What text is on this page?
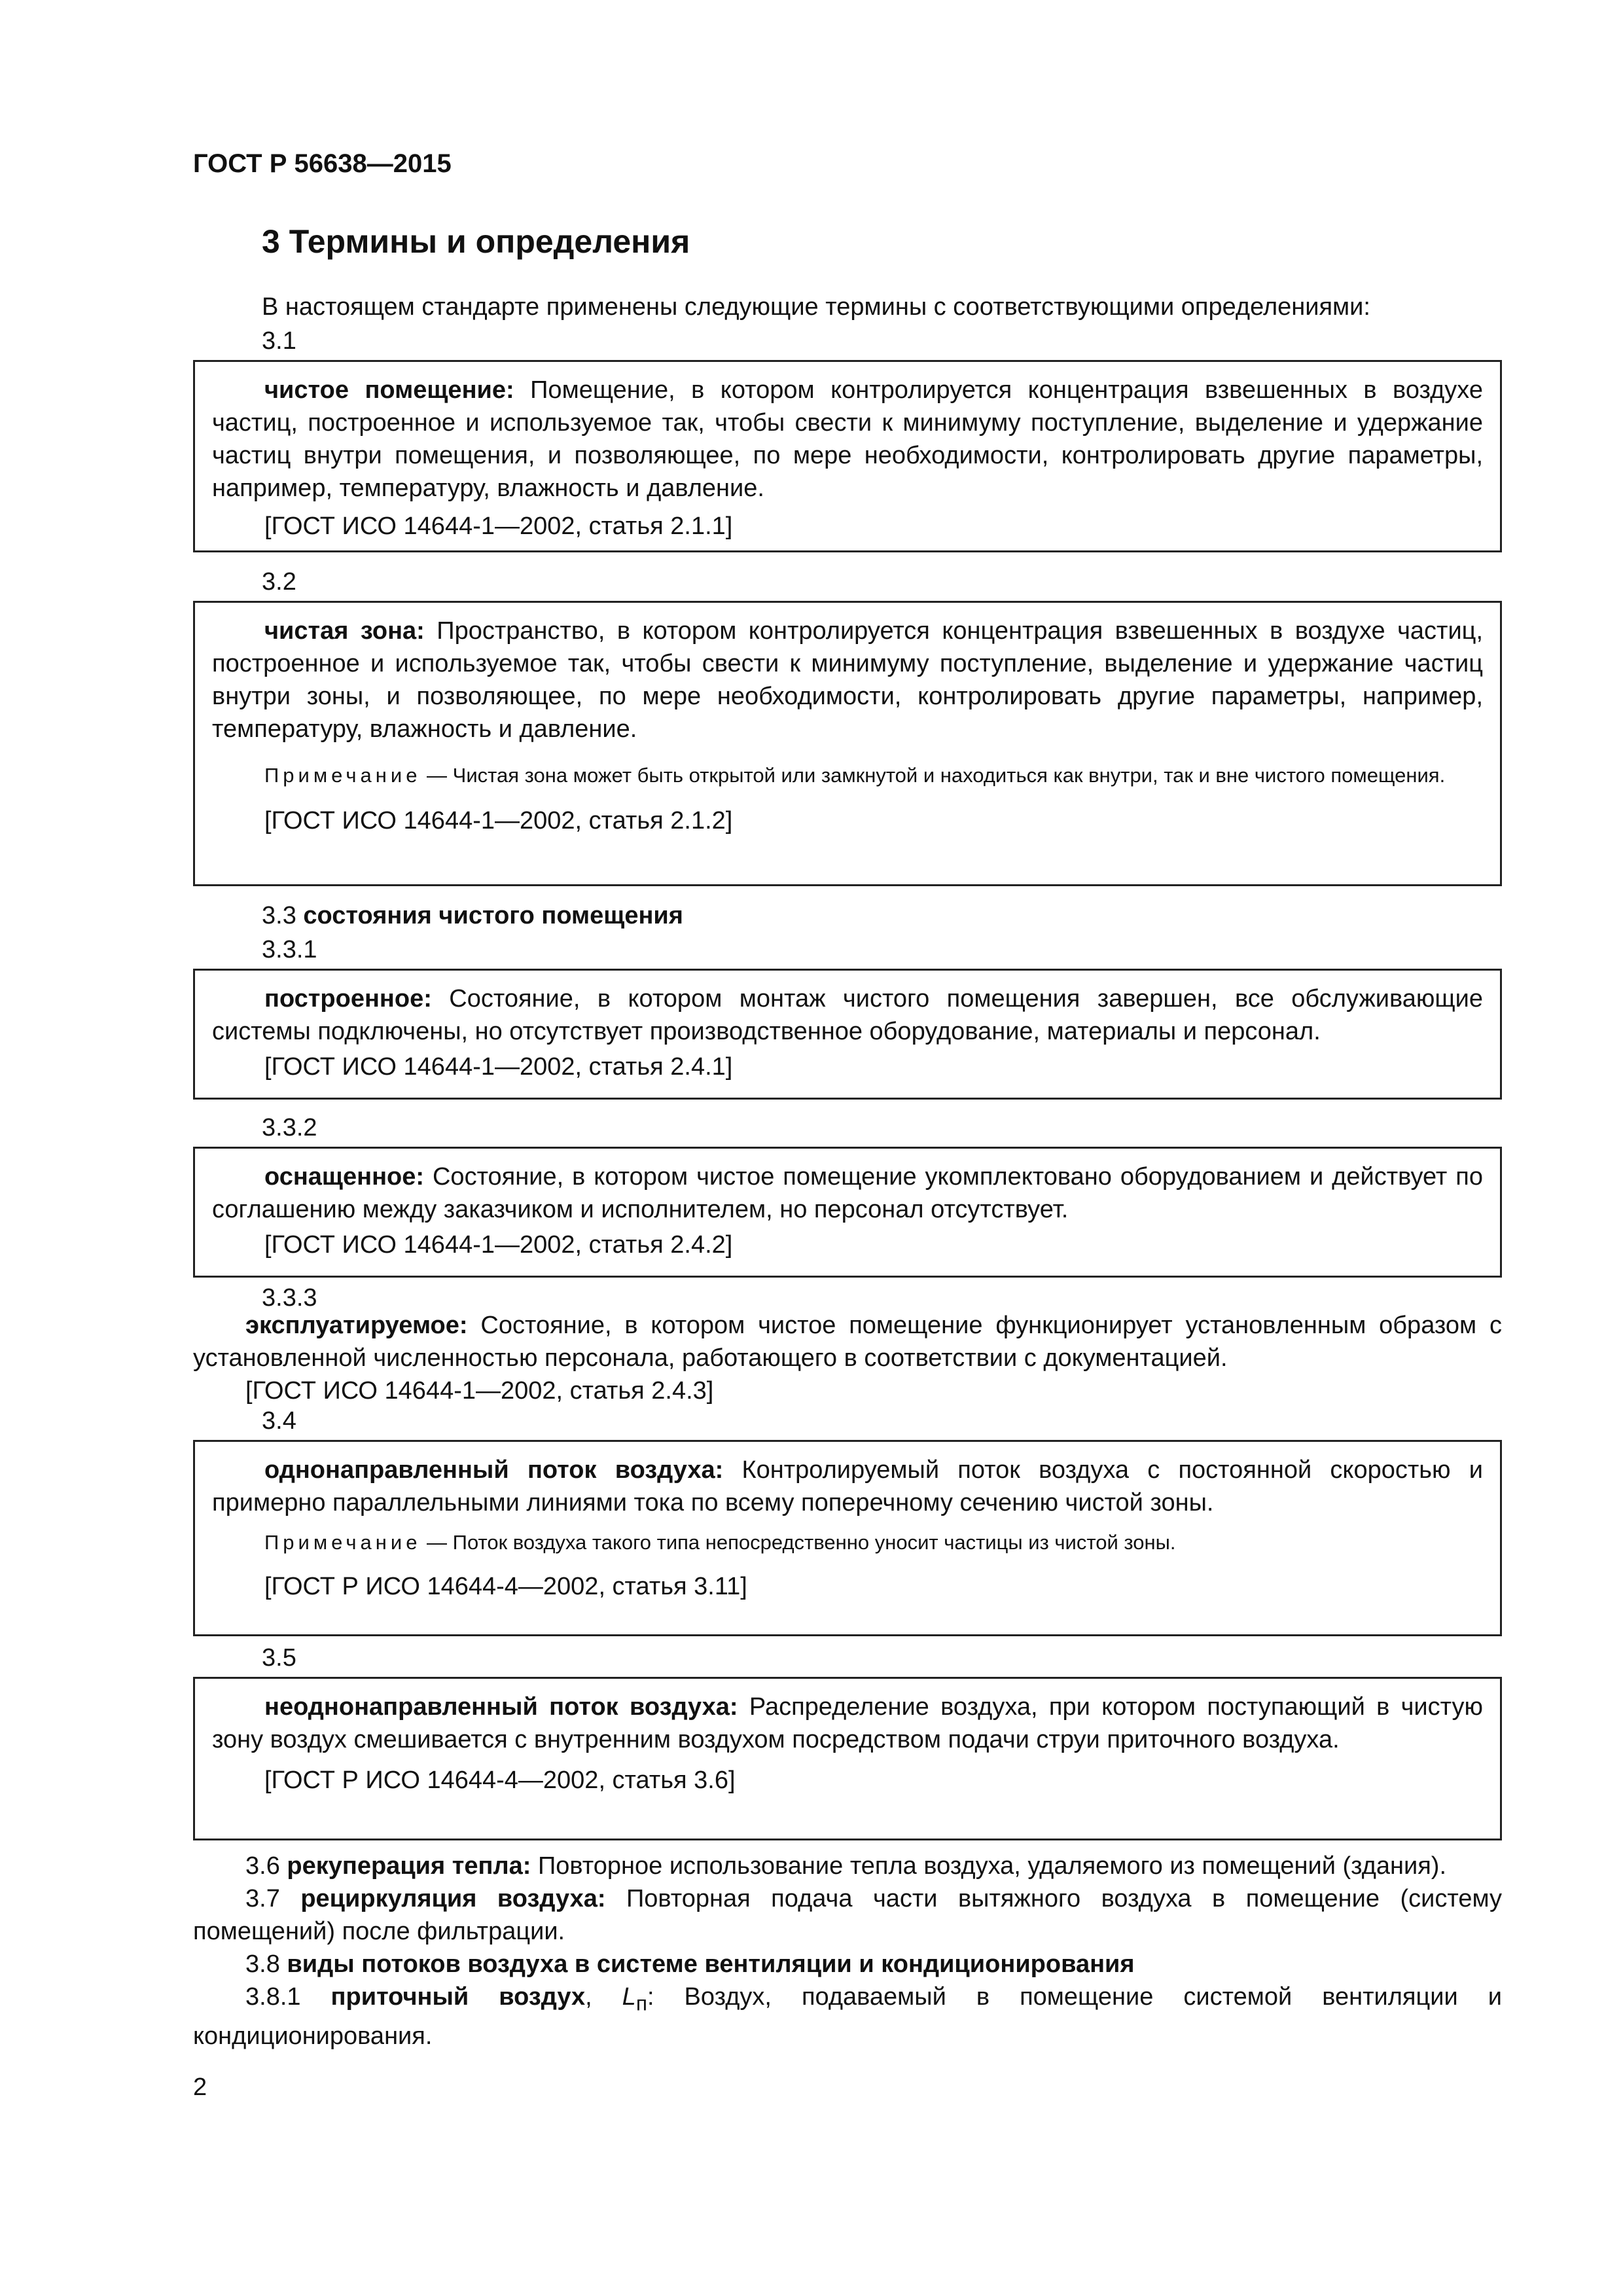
ГОСТ Р 56638—2015
3 Термины и определения
В настоящем стандарте применены следующие термины с соответствующими определениями:
3.1

чистое помещение: Помещение, в котором контролируется концентрация взвешенных в воздухе частиц, построенное и используемое так, чтобы свести к минимуму поступление, выделение и удержание частиц внутри помещения, и позволяющее, по мере необходимости, контролировать другие параметры, например, температуру, влажность и давление.

[ГОСТ ИСО 14644-1—2002, статья 2.1.1]

3.2

чистая зона: Пространство, в котором контролируется концентрация взвешенных в воздухе частиц, построенное и используемое так, чтобы свести к минимуму поступление, выделение и удержание частиц внутри зоны, и позволяющее, по мере необходимости, контролировать другие параметры, например, температуру, влажность и давление.

Примечание — Чистая зона может быть открытой или замкнутой и находиться как внутри, так и вне чистого помещения.

[ГОСТ ИСО 14644-1—2002, статья 2.1.2]

3.3 состояния чистого помещения
3.3.1

построенное: Состояние, в котором монтаж чистого помещения завершен, все обслуживающие системы подключены, но отсутствует производственное оборудование, материалы и персонал.

[ГОСТ ИСО 14644-1—2002, статья 2.4.1]

3.3.2

оснащенное: Состояние, в котором чистое помещение укомплектовано оборудованием и действует по соглашению между заказчиком и исполнителем, но персонал отсутствует.

[ГОСТ ИСО 14644-1—2002, статья 2.4.2]

3.3.3

эксплуатируемое: Состояние, в котором чистое помещение функционирует установленным образом с установленной численностью персонала, работающего в соответствии с документацией.

[ГОСТ ИСО 14644-1—2002, статья 2.4.3]

3.4

однонаправленный поток воздуха: Контролируемый поток воздуха с постоянной скоростью и примерно параллельными линиями тока по всему поперечному сечению чистой зоны.

Примечание — Поток воздуха такого типа непосредственно уносит частицы из чистой зоны.

[ГОСТ Р ИСО 14644-4—2002, статья 3.11]

3.5

неоднонаправленный поток воздуха: Распределение воздуха, при котором поступающий в чистую зону воздух смешивается с внутренним воздухом посредством подачи струи приточного воздуха.

[ГОСТ Р ИСО 14644-4—2002, статья 3.6]

3.6 рекуперация тепла: Повторное использование тепла воздуха, удаляемого из помещений (здания).

3.7 рециркуляция воздуха: Повторная подача части вытяжного воздуха в помещение (систему помещений) после фильтрации.

3.8 виды потоков воздуха в системе вентиляции и кондиционирования

3.8.1 приточный воздух, $L_п$: Воздух, подаваемый в помещение системой вентиляции и кондиционирования.

2
